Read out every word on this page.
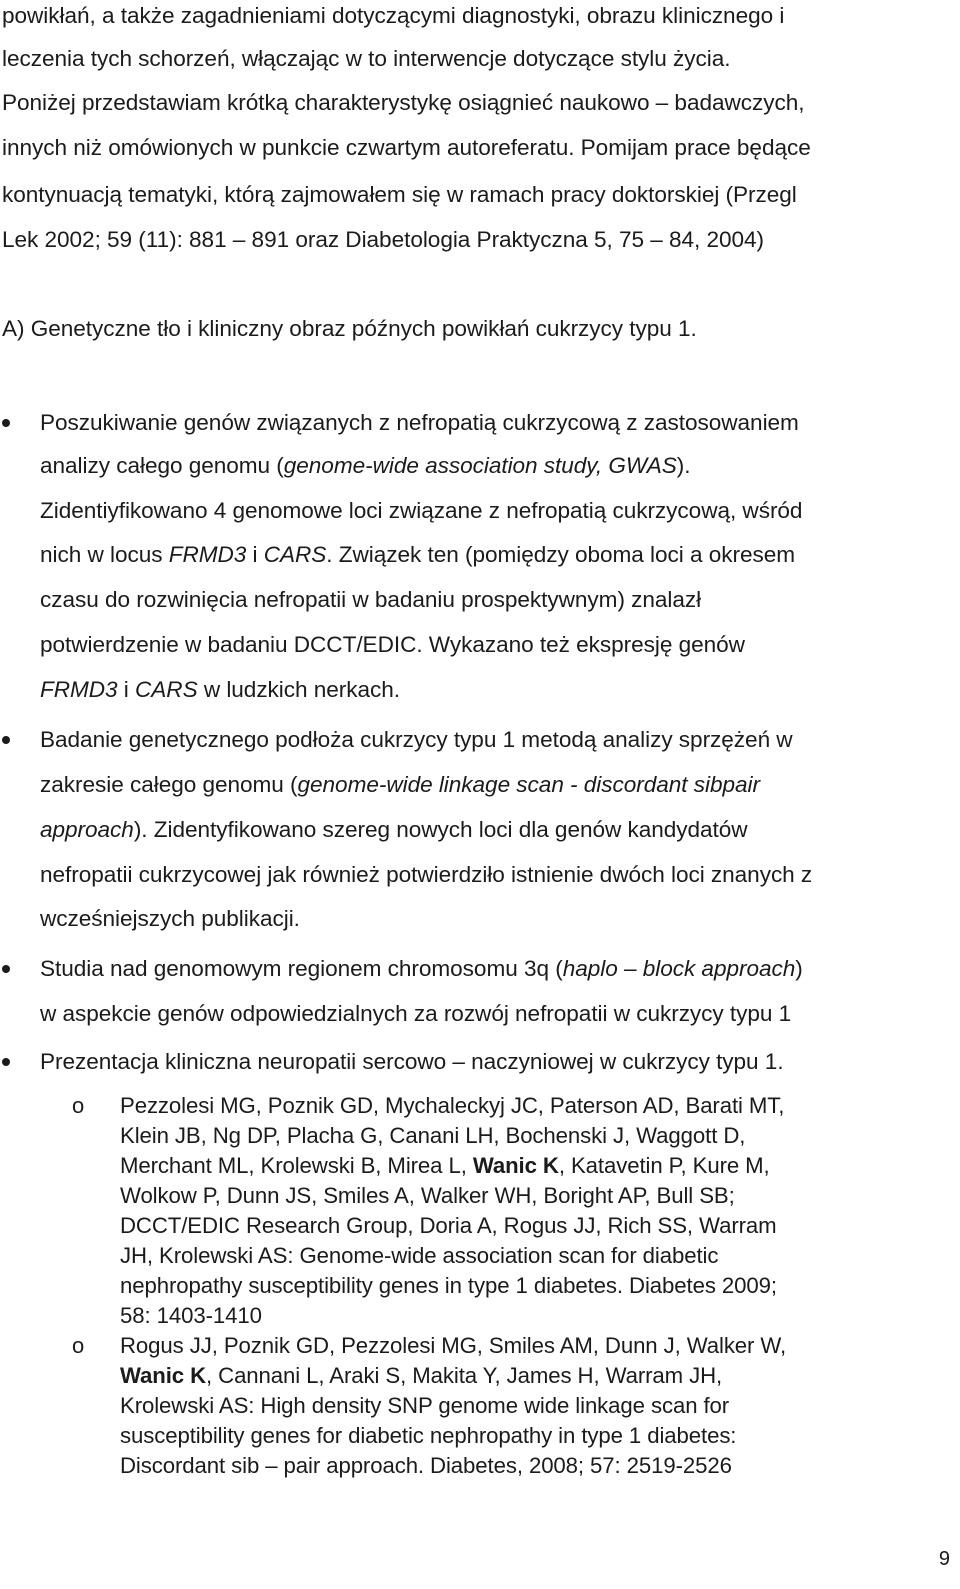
powikłań, a także zagadnieniami dotyczącymi diagnostyki, obrazu klinicznego i
leczenia tych schorzeń, włączając w to interwencje dotyczące stylu życia.
Poniżej przedstawiam krótką charakterystykę osiągnieć naukowo – badawczych,
innych niż omówionych w punkcie czwartym autoreferatu. Pomijam prace będące
kontynuacją tematyki, którą zajmowałem się w ramach pracy doktorskiej (Przegl
Lek 2002; 59 (11): 881 – 891 oraz Diabetologia Praktyczna 5, 75 – 84, 2004)
A) Genetyczne tło i kliniczny obraz późnych powikłań cukrzycy typu 1.
Poszukiwanie genów związanych z nefropatią cukrzycową z zastosowaniem
analizy całego genomu (genome-wide association study, GWAS).
Zidentiyfikowano 4 genomowe loci związane z nefropatią cukrzycową, wśród
nich w locus FRMD3 i CARS. Związek ten (pomiędzy oboma loci a okresem
czasu do rozwinięcia nefropatii w badaniu prospektywnym) znalazł
potwierdzenie w badaniu DCCT/EDIC. Wykazano też ekspresję genów
FRMD3 i CARS w ludzkich nerkach.
Badanie genetycznego podłoża cukrzycy typu 1 metodą analizy sprzężeń w
zakresie całego genomu (genome-wide linkage scan - discordant sibpair
approach). Zidentyfikowano szereg nowych loci dla genów kandydatów
nefropatii cukrzycowej jak również potwierdziło istnienie dwóch loci znanych z
wcześniejszych publikacji.
Studia nad genomowym regionem chromosomu 3q (haplo – block approach)
w aspekcie genów odpowiedzialnych za rozwój nefropatii w cukrzycy typu 1
Prezentacja kliniczna neuropatii sercowo – naczyniowej w cukrzycy typu 1.
o Pezzolesi MG, Poznik GD, Mychaleckyj JC, Paterson AD, Barati MT,
Klein JB, Ng DP, Placha G, Canani LH, Bochenski J, Waggott D,
Merchant ML, Krolewski B, Mirea L, Wanic K, Katavetin P, Kure M,
Wolkow P, Dunn JS, Smiles A, Walker WH, Boright AP, Bull SB;
DCCT/EDIC Research Group, Doria A, Rogus JJ, Rich SS, Warram
JH, Krolewski AS: Genome-wide association scan for diabetic
nephropathy susceptibility genes in type 1 diabetes. Diabetes 2009;
58: 1403-1410
o Rogus JJ, Poznik GD, Pezzolesi MG, Smiles AM, Dunn J, Walker W,
Wanic K, Cannani L, Araki S, Makita Y, James H, Warram JH,
Krolewski AS: High density SNP genome wide linkage scan for
susceptibility genes for diabetic nephropathy in type 1 diabetes:
Discordant sib – pair approach. Diabetes, 2008; 57: 2519-2526
9
